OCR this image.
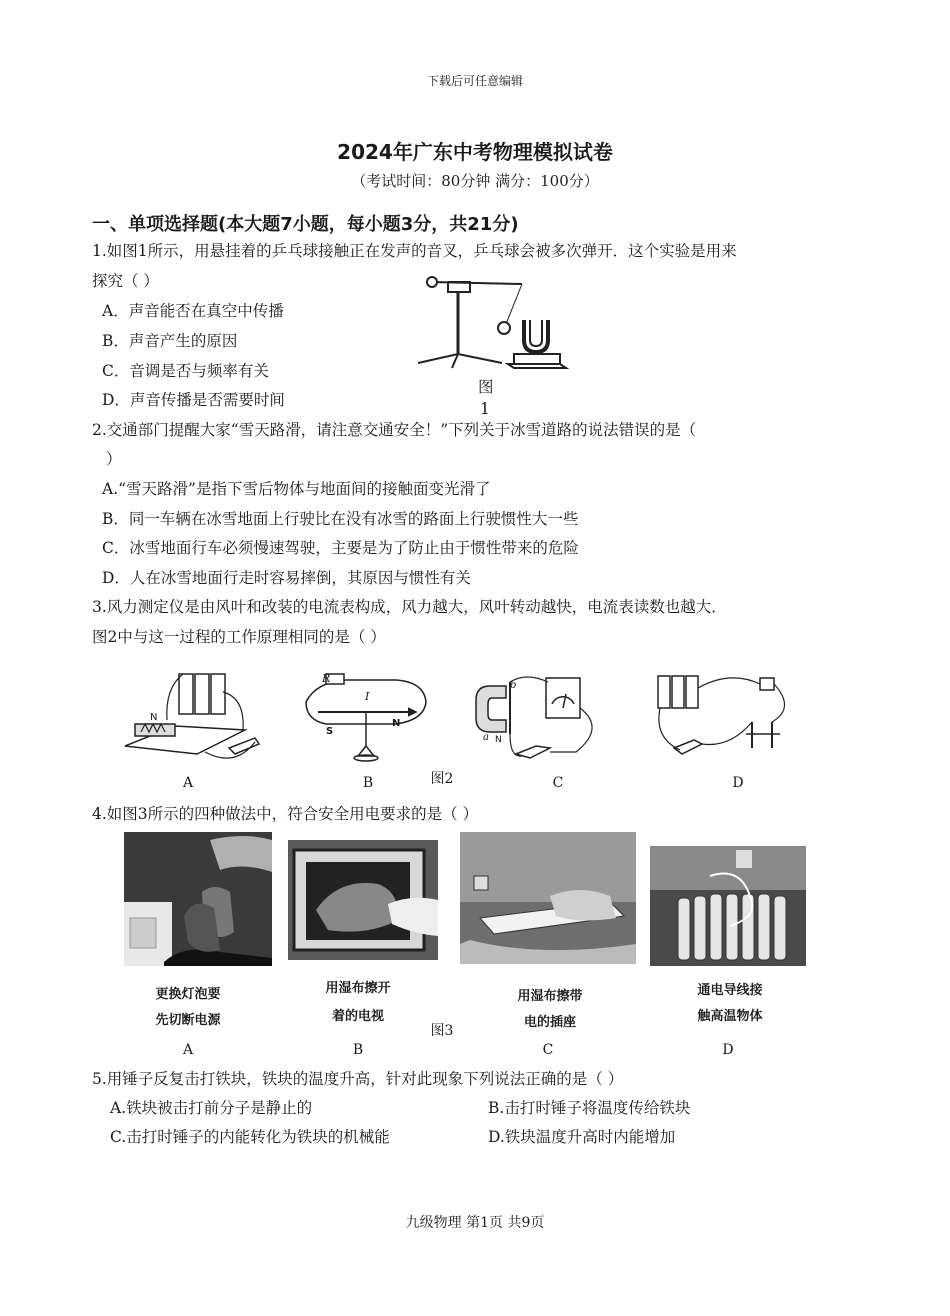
下载后可任意编辑
2024年广东中考物理模拟试卷
（考试时间：80分钟 满分：100分）
一、单项选择题(本大题7小题，每小题3分，共21分)
1.如图1所示，用悬挂着的乒乓球接触正在发声的音叉，乒乓球会被多次弹开．这个实验是用来
探究（ ）
A．声音能否在真空中传播
B．声音产生的原因
C．音调是否与频率有关
D．声音传播是否需要时间
图
1
2.交通部门提醒大家“雪天路滑，请注意交通安全！”下列关于冰雪道路的说法错误的是（
）
A.“雪天路滑”是指下雪后物体与地面间的接触面变光滑了
B．同一车辆在冰雪地面上行驶比在没有冰雪的路面上行驶惯性大一些
C．冰雪地面行车必须慢速驾驶，主要是为了防止由于惯性带来的危险
D．人在冰雪地面行走时容易摔倒，其原因与惯性有关
3.风力测定仪是由风叶和改装的电流表构成，风力越大，风叶转动越快，电流表读数也越大．
图2中与这一过程的工作原理相同的是（ ）
N
A
R
I
S
N
B	图2
b
a N
C	D
4.如图3所示的四种做法中，符合安全用电要求的是（ ）
更换灯泡要
先切断电源
A
用湿布擦开
着的电视
B
用湿布擦带
电的插座
C
通电导线接
触高温物体
D
图3
5.用锤子反复击打铁块，铁块的温度升高，针对此现象下列说法正确的是（ ）
A.铁块被击打前分子是静止的	B.击打时锤子将温度传给铁块
C.击打时锤子的内能转化为铁块的机械能	D.铁块温度升高时内能增加
九级物理 第1页 共9页
